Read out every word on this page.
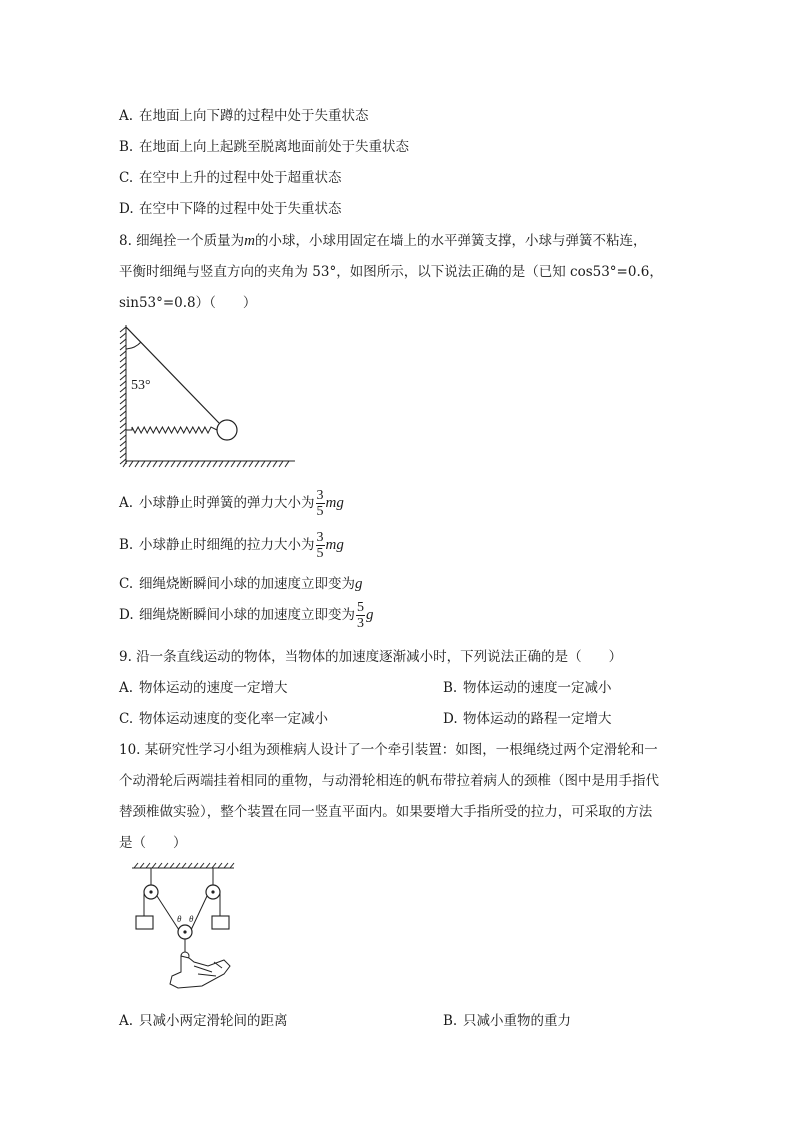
A. 在地面上向下蹲的过程中处于失重状态
B. 在地面上向上起跳至脱离地面前处于失重状态
C. 在空中上升的过程中处于超重状态
D. 在空中下降的过程中处于失重状态
8. 细绳拴一个质量为m的小球，小球用固定在墙上的水平弹簧支撑，小球与弹簧不粘连，
平衡时细绳与竖直方向的夹角为 53°，如图所示，以下说法正确的是（已知 cos53°=0.6，
sin53°=0.8）（　　）
53°
A. 小球静止时弹簧的弹力大小为 $\frac{3}{5}$ mg
B. 小球静止时细绳的拉力大小为 $\frac{3}{5}$ mg
C. 细绳烧断瞬间小球的加速度立即变为g
D. 细绳烧断瞬间小球的加速度立即变为 $\frac{5}{3}$ g
9. 沿一条直线运动的物体，当物体的加速度逐渐减小时，下列说法正确的是（　　）
A. 物体运动的速度一定增大	B. 物体运动的速度一定减小
C. 物体运动速度的变化率一定减小	D. 物体运动的路程一定增大
10. 某研究性学习小组为颈椎病人设计了一个牵引装置：如图，一根绳绕过两个定滑轮和一
个动滑轮后两端挂着相同的重物，与动滑轮相连的帆布带拉着病人的颈椎（图中是用手指代
替颈椎做实验），整个装置在同一竖直平面内。如果要增大手指所受的拉力，可采取的方法
是（　　）
θ θ
A. 只减小两定滑轮间的距离	B. 只减小重物的重力
